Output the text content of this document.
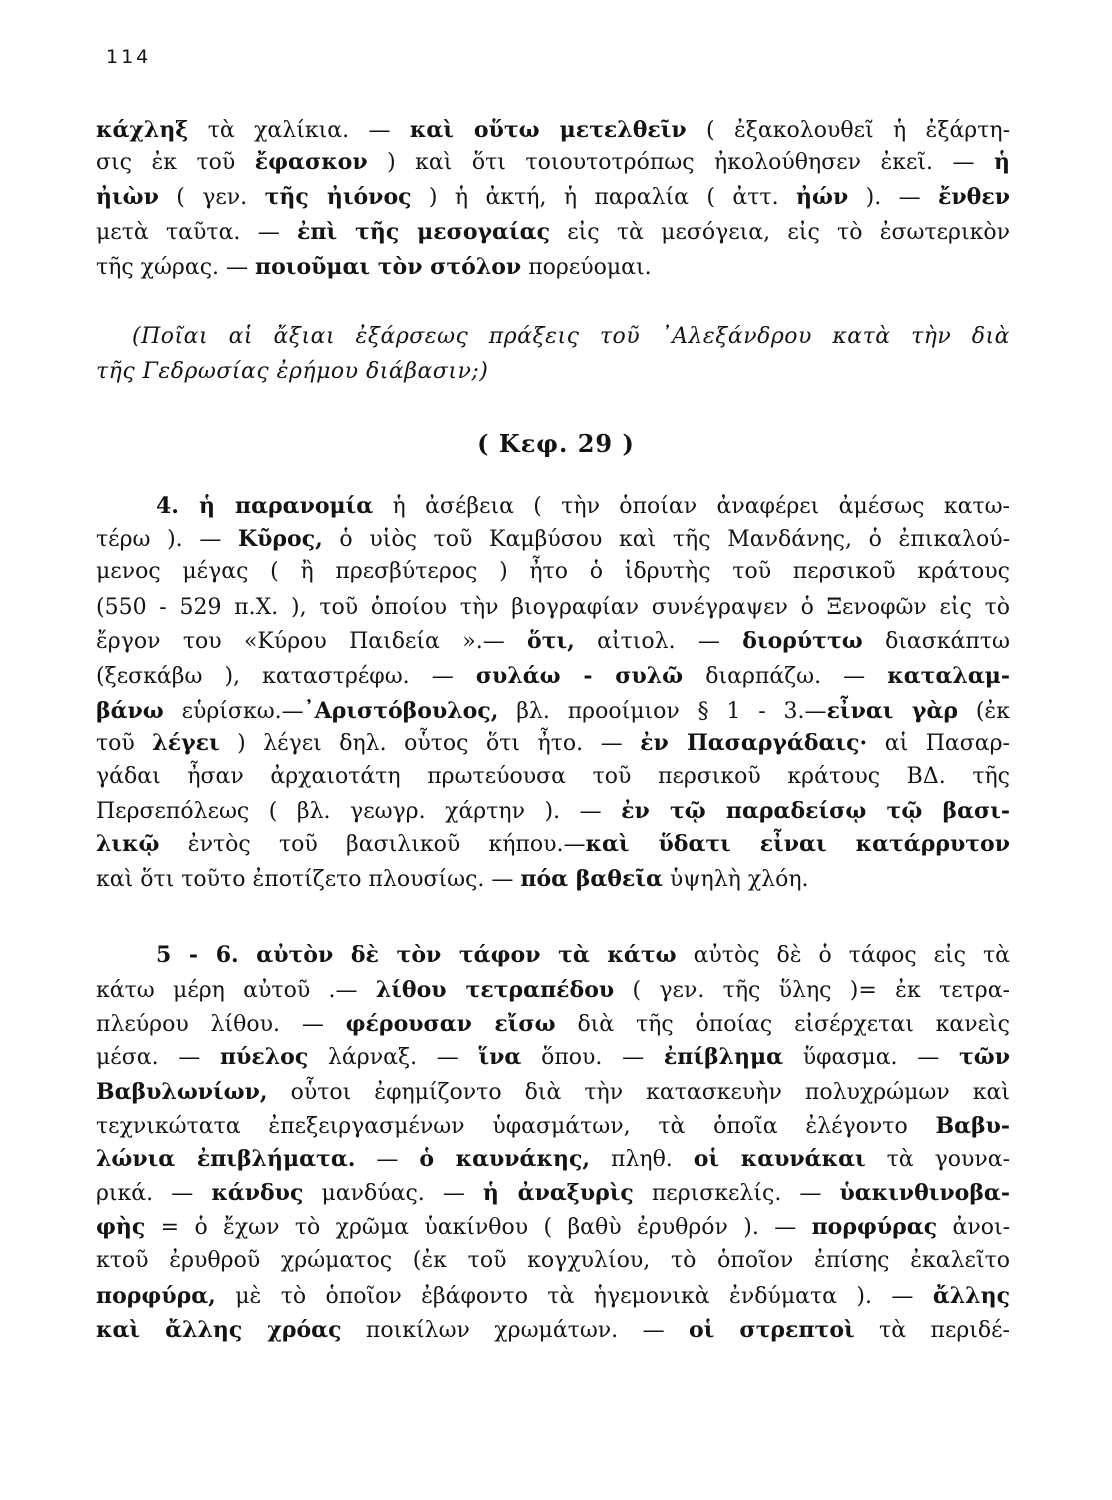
114
( Κεφ. 29 )
κάχληξ τὰ χαλίκια. — καὶ οὕτω μετελθεῖν ( ἐξακολουθεῖ ἡ ἐξάρτη-
σις ἐκ τοῦ ἔφασκον ) καὶ ὅτι τοιουτοτρόπως ἠκολούθησεν ἐκεῖ. — ἡ
ἠιὼν ( γεν. τῆς ἠιόνος ) ἡ ἀκτή, ἡ παραλία ( ἀττ. ἠών ). — ἔνθεν
μετὰ ταῦτα. — ἐπὶ τῆς μεσογαίας εἰς τὰ μεσόγεια, εἰς τὸ ἐσωτερικὸν
τῆς χώρας. — ποιοῦμαι τὸν στόλον πορεύομαι.
(Ποῖαι αἱ ἄξιαι ἐξάρσεως πράξεις τοῦ ᾿Αλεξάνδρου κατὰ τὴν διὰ
τῆς Γεδρωσίας ἐρήμου διάβασιν;)
4. ἡ παρανομία ἡ ἀσέβεια ( τὴν ὁποίαν ἀναφέρει ἀμέσως κατω-
τέρω ). — Κῦρος, ὁ υἱὸς τοῦ Καμβύσου καὶ τῆς Μανδάνης, ὁ ἐπικαλού-
μενος μέγας ( ἢ πρεσβύτερος ) ἦτο ὁ ἱδρυτὴς τοῦ περσικοῦ κράτους
(550 - 529 π.Χ. ), τοῦ ὁποίου τὴν βιογραφίαν συνέγραψεν ὁ Ξενοφῶν εἰς τὸ
ἔργον του «Κύρου Παιδεία ».— ὅτι, αἰτιολ. — διορύττω διασκάπτω
(ξεσκάβω ), καταστρέφω. — συλάω - συλῶ διαρπάζω. — καταλαμ-
βάνω εὑρίσκω.—᾿Αριστόβουλος, βλ. προοίμιον § 1 - 3.—εἶναι γὰρ (ἐκ
τοῦ λέγει ) λέγει δηλ. οὗτος ὅτι ἦτο. — ἐν Πασαργάδαις· αἱ Πασαρ-
γάδαι ἦσαν ἀρχαιοτάτη πρωτεύουσα τοῦ περσικοῦ κράτους ΒΔ. τῆς
Περσεπόλεως ( βλ. γεωγρ. χάρτην ). — ἐν τῷ παραδείσῳ τῷ βασι-
λικῷ ἐντὸς τοῦ βασιλικοῦ κήπου.—καὶ ὕδατι εἶναι κατάρρυτον
καὶ ὅτι τοῦτο ἐποτίζετο πλουσίως. — πόα βαθεῖα ὑψηλὴ χλόη.
5 - 6. αὐτὸν δὲ τὸν τάφον τὰ κάτω αὐτὸς δὲ ὁ τάφος εἰς τὰ
κάτω μέρη αὐτοῦ .— λίθου τετραπέδου ( γεν. τῆς ὕλης )= ἐκ τετρα-
πλεύρου λίθου. — φέρουσαν εἴσω διὰ τῆς ὁποίας εἰσέρχεται κανεὶς
μέσα. — πύελος λάρναξ. — ἵνα ὅπου. — ἐπίβλημα ὕφασμα. — τῶν
Βαβυλωνίων, οὗτοι ἐφημίζοντο διὰ τὴν κατασκευὴν πολυχρώμων καὶ
τεχνικώτατα ἐπεξειργασμένων ὑφασμάτων, τὰ ὁποῖα ἐλέγοντο Βαβυ-
λώνια ἐπιβλήματα. — ὁ καυνάκης, πληθ. οἱ καυνάκαι τὰ γουνα-
ρικά. — κάνδυς μανδύας. — ἡ ἀναξυρὶς περισκελίς. — ὑακινθινοβα-
φὴς = ὁ ἔχων τὸ χρῶμα ὑακίνθου ( βαθὺ ἐρυθρόν ). — πορφύρας ἀνοι-
κτοῦ ἐρυθροῦ χρώματος (ἐκ τοῦ κογχυλίου, τὸ ὁποῖον ἐπίσης ἐκαλεῖτο
πορφύρα, μὲ τὸ ὁποῖον ἐβάφοντο τὰ ἡγεμονικὰ ἐνδύματα ). — ἄλλης
καὶ ἄλλης χρόας ποικίλων χρωμάτων. — οἱ στρεπτοὶ τὰ περιδέ-
